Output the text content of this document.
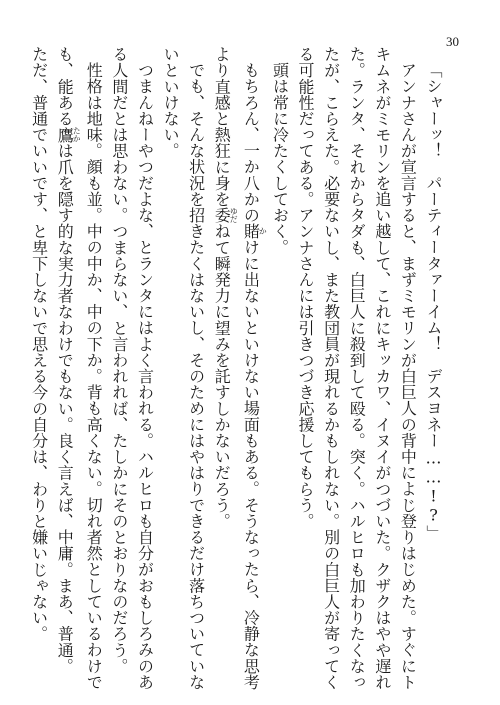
30

「シャーッ！　パーティータァーイム！　デスヨネー……!?」

アンナさんが宣言すると、まずミモリンが白巨人の背中によじ登りはじめた。すぐにト

キムネがミモリンを追い越して、これにキッカワ、イヌイがつづいた。クザクはやや遅れ

た。ランタ、それからタダも、白巨人に殺到して殴る。突く。ハルヒロも加わりたくなっ

たが、こらえた。必要ないし、また教団員が現れるかもしれない。別の白巨人が寄ってく

る可能性だってある。アンナさんには引きつづき応援してもらう。

頭は常に冷たくしておく。

もちろん、一か八かの賭かけに出ないといけない場面もある。そうなったら、冷静な思考

より直感と熱狂に身を委ゆだねて瞬発力に望みを託すしかないだろう。

でも、そんな状況を招きたくはないし、そのためにはやはりできるだけ落ちついていな

いといけない。

つまんねーやつだよな、とランタにはよく言われる。ハルヒロも自分がおもしろみのあ

る人間だとは思わない。つまらない、と言われれば、たしかにそのとおりなのだろう。

性格は地味。顔も並。中の中か、中の下か。背も高くない。切れ者然としているわけで

も、能ある鷹たかは爪を隠す的な実力者なわけでもない。良く言えば、中庸。まあ、普通。

ただ、普通でいいです、と卑下しないで思える今の自分は、わりと嫌いじゃない。
